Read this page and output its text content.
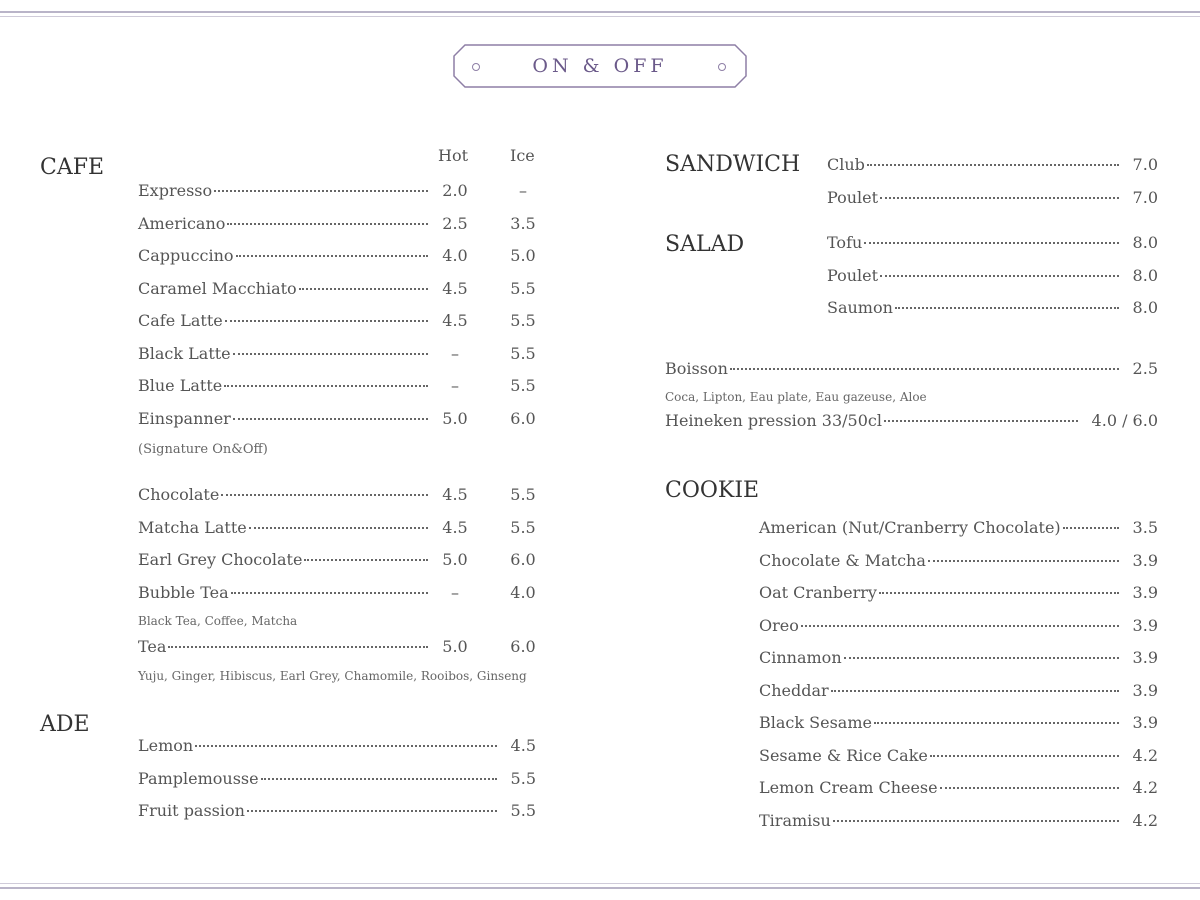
ON & OFF
CAFE	Hot	Ice
Expresso	2.0	–
Americano	2.5	3.5
Cappuccino	4.0	5.0
Caramel Macchiato	4.5	5.5
Cafe Latte	4.5	5.5
Black Latte	–	5.5
Blue Latte	–	5.5
Einspanner	5.0	6.0
(Signature On&Off)
Chocolate	4.5	5.5
Matcha Latte	4.5	5.5
Earl Grey Chocolate	5.0	6.0
Bubble Tea	–	4.0
Black Tea, Coffee, Matcha
Tea	5.0	6.0
Yuju, Ginger, Hibiscus, Earl Grey, Chamomile, Rooibos, Ginseng
ADE
Lemon	4.5
Pamplemousse	5.5
Fruit passion	5.5
SANDWICH Club	7.0
Poulet	7.0
SALAD	Tofu	8.0
Poulet	8.0
Saumon	8.0
Boisson	2.5
Coca, Lipton, Eau plate, Eau gazeuse, Aloe
Heineken pression 33/50cl	4.0 / 6.0
COOKIE
American (Nut/Cranberry Chocolate)	3.5
Chocolate & Matcha	3.9
Oat Cranberry	3.9
Oreo	3.9
Cinnamon	3.9
Cheddar	3.9
Black Sesame	3.9
Sesame & Rice Cake	4.2
Lemon Cream Cheese	4.2
Tiramisu	4.2
